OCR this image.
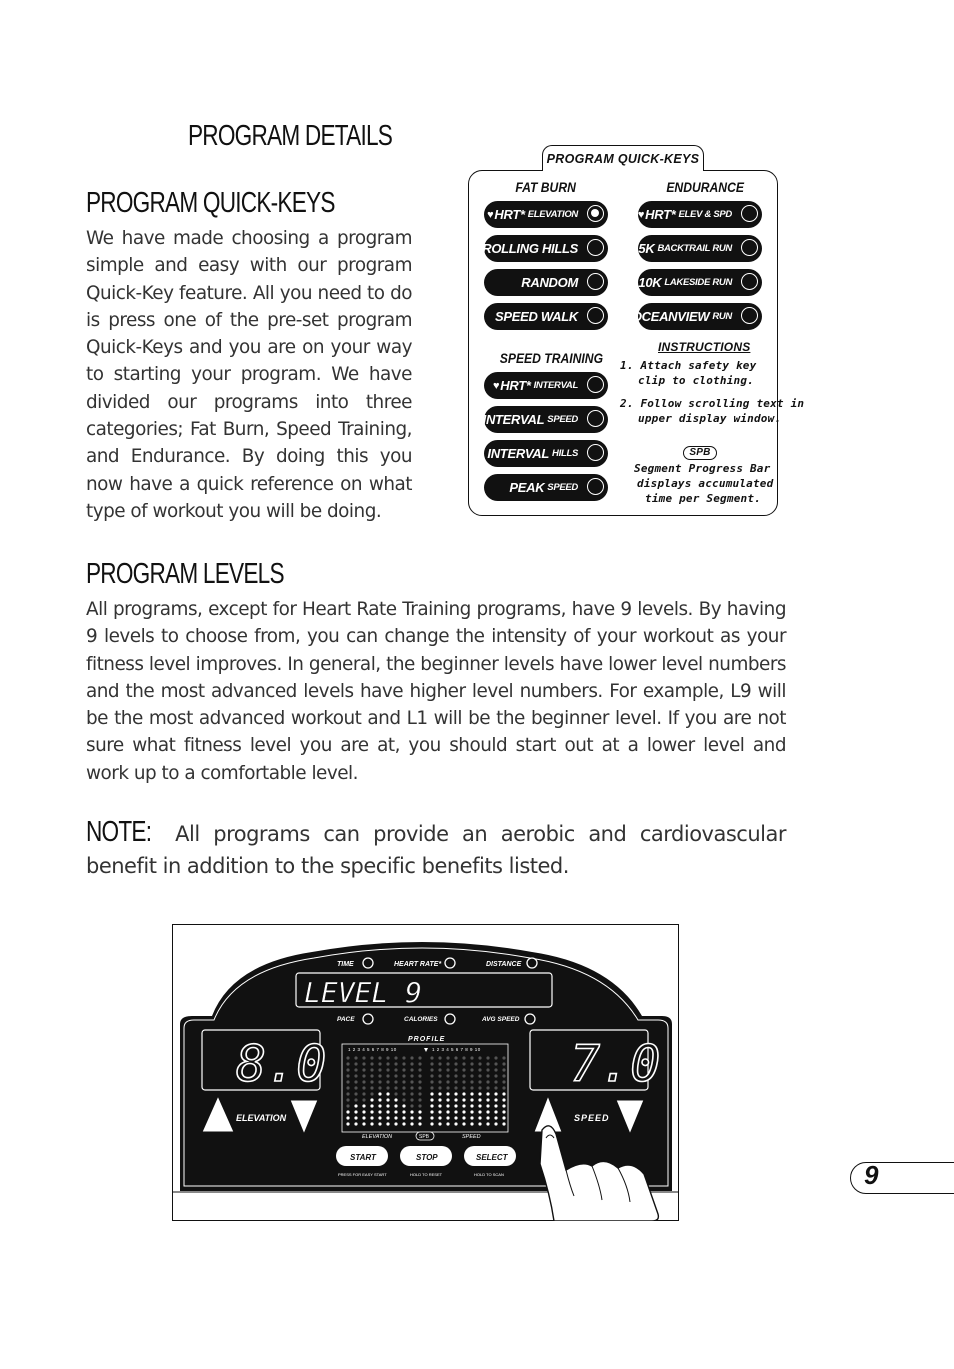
PROGRAM DETAILS
PROGRAM QUICK-KEYS

We have made choosing a program simple and easy with our program Quick-Key feature. All you need to do is press one of the pre-set program Quick-Keys and you are on your way to starting your program. We have divided our programs into three categories; Fat Burn, Speed Training, and Endurance. By doing this you now have a quick reference on what type of workout you will be doing.

PROGRAM LEVELS

All programs, except for Heart Rate Training programs, have 9 levels. By having 9 levels to choose from, you can change the intensity of your workout as your fitness level improves. In general, the beginner levels have lower level numbers and the most advanced levels have higher level numbers. For example, L9 will be the most advanced workout and L1 will be the beginner level. If you are not sure what fitness level you are at, you should start out at a lower level and work up to a comfortable level.

NOTE: All programs can provide an aerobic and cardiovascular benefit in addition to the specific benefits listed.

PROGRAM QUICK-KEYS
FAT BURN	ENDURANCE
SPEED TRAINING
♥ HRT* ELEVATION
ROLLING HILLS
RANDOM
SPEED WALK
♥ HRT* INTERVAL
INTERVAL SPEED
INTERVAL HILLS
PEAK SPEED
♥ HRT* ELEV & SPD
5K BACKTRAIL RUN
10K LAKESIDE RUN
OCEANVIEW RUN
INSTRUCTIONS
1. Attach safety key
clip to clothing.
2. Follow scrolling text in
upper display window.
SPB
Segment Progress Bar
displays accumulated
time per Segment.
TIME	HEART RATE*	DISTANCE
LEVEL 9
PACE	CALORIES	AVG SPEED
8.0	7.0
PROFILE
1 2 3 4 5 6 7 8 9 10	1 2 3 4 5 6 7 8 9 10
ELEVATION	SPB	SPEED
ELEVATION	SPEED
START	STOP	SELECT
PRESS FOR EASY START	HOLD TO RESET	HOLD TO SCAN	9
